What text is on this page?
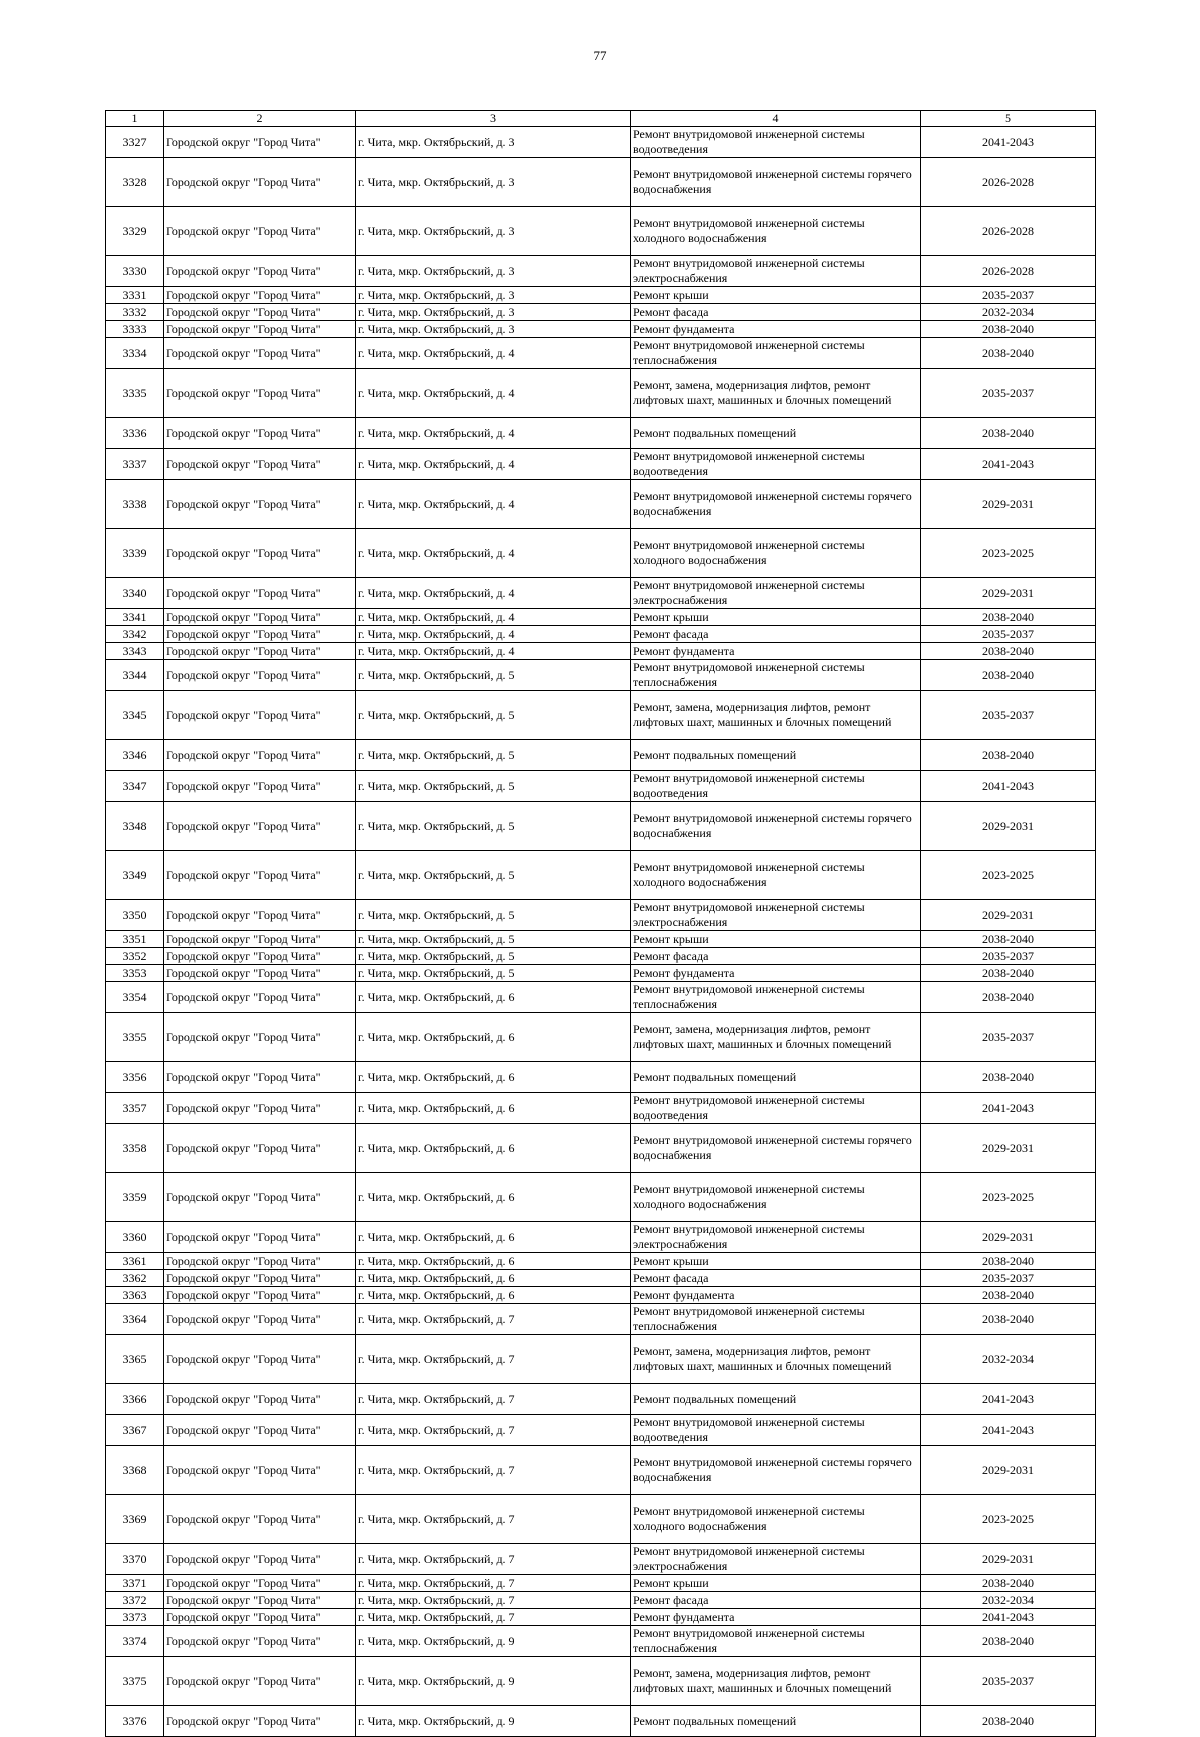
77
1	2	3	4	5
3327	Городской округ "Город Чита"	г. Чита, мкр. Октябрьский, д. 3	Ремонт внутридомовой инженерной системы водоотведения	2041-2043
3328	Городской округ "Город Чита"	г. Чита, мкр. Октябрьский, д. 3	Ремонт внутридомовой инженерной системы горячего водоснабжения	2026-2028
3329	Городской округ "Город Чита"	г. Чита, мкр. Октябрьский, д. 3	Ремонт внутридомовой инженерной системы холодного водоснабжения	2026-2028
3330	Городской округ "Город Чита"	г. Чита, мкр. Октябрьский, д. 3	Ремонт внутридомовой инженерной системы электроснабжения	2026-2028
3331	Городской округ "Город Чита"	г. Чита, мкр. Октябрьский, д. 3	Ремонт крыши	2035-2037
3332	Городской округ "Город Чита"	г. Чита, мкр. Октябрьский, д. 3	Ремонт фасада	2032-2034
3333	Городской округ "Город Чита"	г. Чита, мкр. Октябрьский, д. 3	Ремонт фундамента	2038-2040
3334	Городской округ "Город Чита"	г. Чита, мкр. Октябрьский, д. 4	Ремонт внутридомовой инженерной системы теплоснабжения	2038-2040
3335	Городской округ "Город Чита"	г. Чита, мкр. Октябрьский, д. 4	Ремонт, замена, модернизация лифтов, ремонт лифтовых шахт, машинных и блочных помещений	2035-2037
3336	Городской округ "Город Чита"	г. Чита, мкр. Октябрьский, д. 4	Ремонт подвальных помещений	2038-2040
3337	Городской округ "Город Чита"	г. Чита, мкр. Октябрьский, д. 4	Ремонт внутридомовой инженерной системы водоотведения	2041-2043
3338	Городской округ "Город Чита"	г. Чита, мкр. Октябрьский, д. 4	Ремонт внутридомовой инженерной системы горячего водоснабжения	2029-2031
3339	Городской округ "Город Чита"	г. Чита, мкр. Октябрьский, д. 4	Ремонт внутридомовой инженерной системы холодного водоснабжения	2023-2025
3340	Городской округ "Город Чита"	г. Чита, мкр. Октябрьский, д. 4	Ремонт внутридомовой инженерной системы электроснабжения	2029-2031
3341	Городской округ "Город Чита"	г. Чита, мкр. Октябрьский, д. 4	Ремонт крыши	2038-2040
3342	Городской округ "Город Чита"	г. Чита, мкр. Октябрьский, д. 4	Ремонт фасада	2035-2037
3343	Городской округ "Город Чита"	г. Чита, мкр. Октябрьский, д. 4	Ремонт фундамента	2038-2040
3344	Городской округ "Город Чита"	г. Чита, мкр. Октябрьский, д. 5	Ремонт внутридомовой инженерной системы теплоснабжения	2038-2040
3345	Городской округ "Город Чита"	г. Чита, мкр. Октябрьский, д. 5	Ремонт, замена, модернизация лифтов, ремонт лифтовых шахт, машинных и блочных помещений	2035-2037
3346	Городской округ "Город Чита"	г. Чита, мкр. Октябрьский, д. 5	Ремонт подвальных помещений	2038-2040
3347	Городской округ "Город Чита"	г. Чита, мкр. Октябрьский, д. 5	Ремонт внутридомовой инженерной системы водоотведения	2041-2043
3348	Городской округ "Город Чита"	г. Чита, мкр. Октябрьский, д. 5	Ремонт внутридомовой инженерной системы горячего водоснабжения	2029-2031
3349	Городской округ "Город Чита"	г. Чита, мкр. Октябрьский, д. 5	Ремонт внутридомовой инженерной системы холодного водоснабжения	2023-2025
3350	Городской округ "Город Чита"	г. Чита, мкр. Октябрьский, д. 5	Ремонт внутридомовой инженерной системы электроснабжения	2029-2031
3351	Городской округ "Город Чита"	г. Чита, мкр. Октябрьский, д. 5	Ремонт крыши	2038-2040
3352	Городской округ "Город Чита"	г. Чита, мкр. Октябрьский, д. 5	Ремонт фасада	2035-2037
3353	Городской округ "Город Чита"	г. Чита, мкр. Октябрьский, д. 5	Ремонт фундамента	2038-2040
3354	Городской округ "Город Чита"	г. Чита, мкр. Октябрьский, д. 6	Ремонт внутридомовой инженерной системы теплоснабжения	2038-2040
3355	Городской округ "Город Чита"	г. Чита, мкр. Октябрьский, д. 6	Ремонт, замена, модернизация лифтов, ремонт лифтовых шахт, машинных и блочных помещений	2035-2037
3356	Городской округ "Город Чита"	г. Чита, мкр. Октябрьский, д. 6	Ремонт подвальных помещений	2038-2040
3357	Городской округ "Город Чита"	г. Чита, мкр. Октябрьский, д. 6	Ремонт внутридомовой инженерной системы водоотведения	2041-2043
3358	Городской округ "Город Чита"	г. Чита, мкр. Октябрьский, д. 6	Ремонт внутридомовой инженерной системы горячего водоснабжения	2029-2031
3359	Городской округ "Город Чита"	г. Чита, мкр. Октябрьский, д. 6	Ремонт внутридомовой инженерной системы холодного водоснабжения	2023-2025
3360	Городской округ "Город Чита"	г. Чита, мкр. Октябрьский, д. 6	Ремонт внутридомовой инженерной системы электроснабжения	2029-2031
3361	Городской округ "Город Чита"	г. Чита, мкр. Октябрьский, д. 6	Ремонт крыши	2038-2040
3362	Городской округ "Город Чита"	г. Чита, мкр. Октябрьский, д. 6	Ремонт фасада	2035-2037
3363	Городской округ "Город Чита"	г. Чита, мкр. Октябрьский, д. 6	Ремонт фундамента	2038-2040
3364	Городской округ "Город Чита"	г. Чита, мкр. Октябрьский, д. 7	Ремонт внутридомовой инженерной системы теплоснабжения	2038-2040
3365	Городской округ "Город Чита"	г. Чита, мкр. Октябрьский, д. 7	Ремонт, замена, модернизация лифтов, ремонт лифтовых шахт, машинных и блочных помещений	2032-2034
3366	Городской округ "Город Чита"	г. Чита, мкр. Октябрьский, д. 7	Ремонт подвальных помещений	2041-2043
3367	Городской округ "Город Чита"	г. Чита, мкр. Октябрьский, д. 7	Ремонт внутридомовой инженерной системы водоотведения	2041-2043
3368	Городской округ "Город Чита"	г. Чита, мкр. Октябрьский, д. 7	Ремонт внутридомовой инженерной системы горячего водоснабжения	2029-2031
3369	Городской округ "Город Чита"	г. Чита, мкр. Октябрьский, д. 7	Ремонт внутридомовой инженерной системы холодного водоснабжения	2023-2025
3370	Городской округ "Город Чита"	г. Чита, мкр. Октябрьский, д. 7	Ремонт внутридомовой инженерной системы электроснабжения	2029-2031
3371	Городской округ "Город Чита"	г. Чита, мкр. Октябрьский, д. 7	Ремонт крыши	2038-2040
3372	Городской округ "Город Чита"	г. Чита, мкр. Октябрьский, д. 7	Ремонт фасада	2032-2034
3373	Городской округ "Город Чита"	г. Чита, мкр. Октябрьский, д. 7	Ремонт фундамента	2041-2043
3374	Городской округ "Город Чита"	г. Чита, мкр. Октябрьский, д. 9	Ремонт внутридомовой инженерной системы теплоснабжения	2038-2040
3375	Городской округ "Город Чита"	г. Чита, мкр. Октябрьский, д. 9	Ремонт, замена, модернизация лифтов, ремонт лифтовых шахт, машинных и блочных помещений	2035-2037
3376	Городской округ "Город Чита"	г. Чита, мкр. Октябрьский, д. 9	Ремонт подвальных помещений	2038-2040
